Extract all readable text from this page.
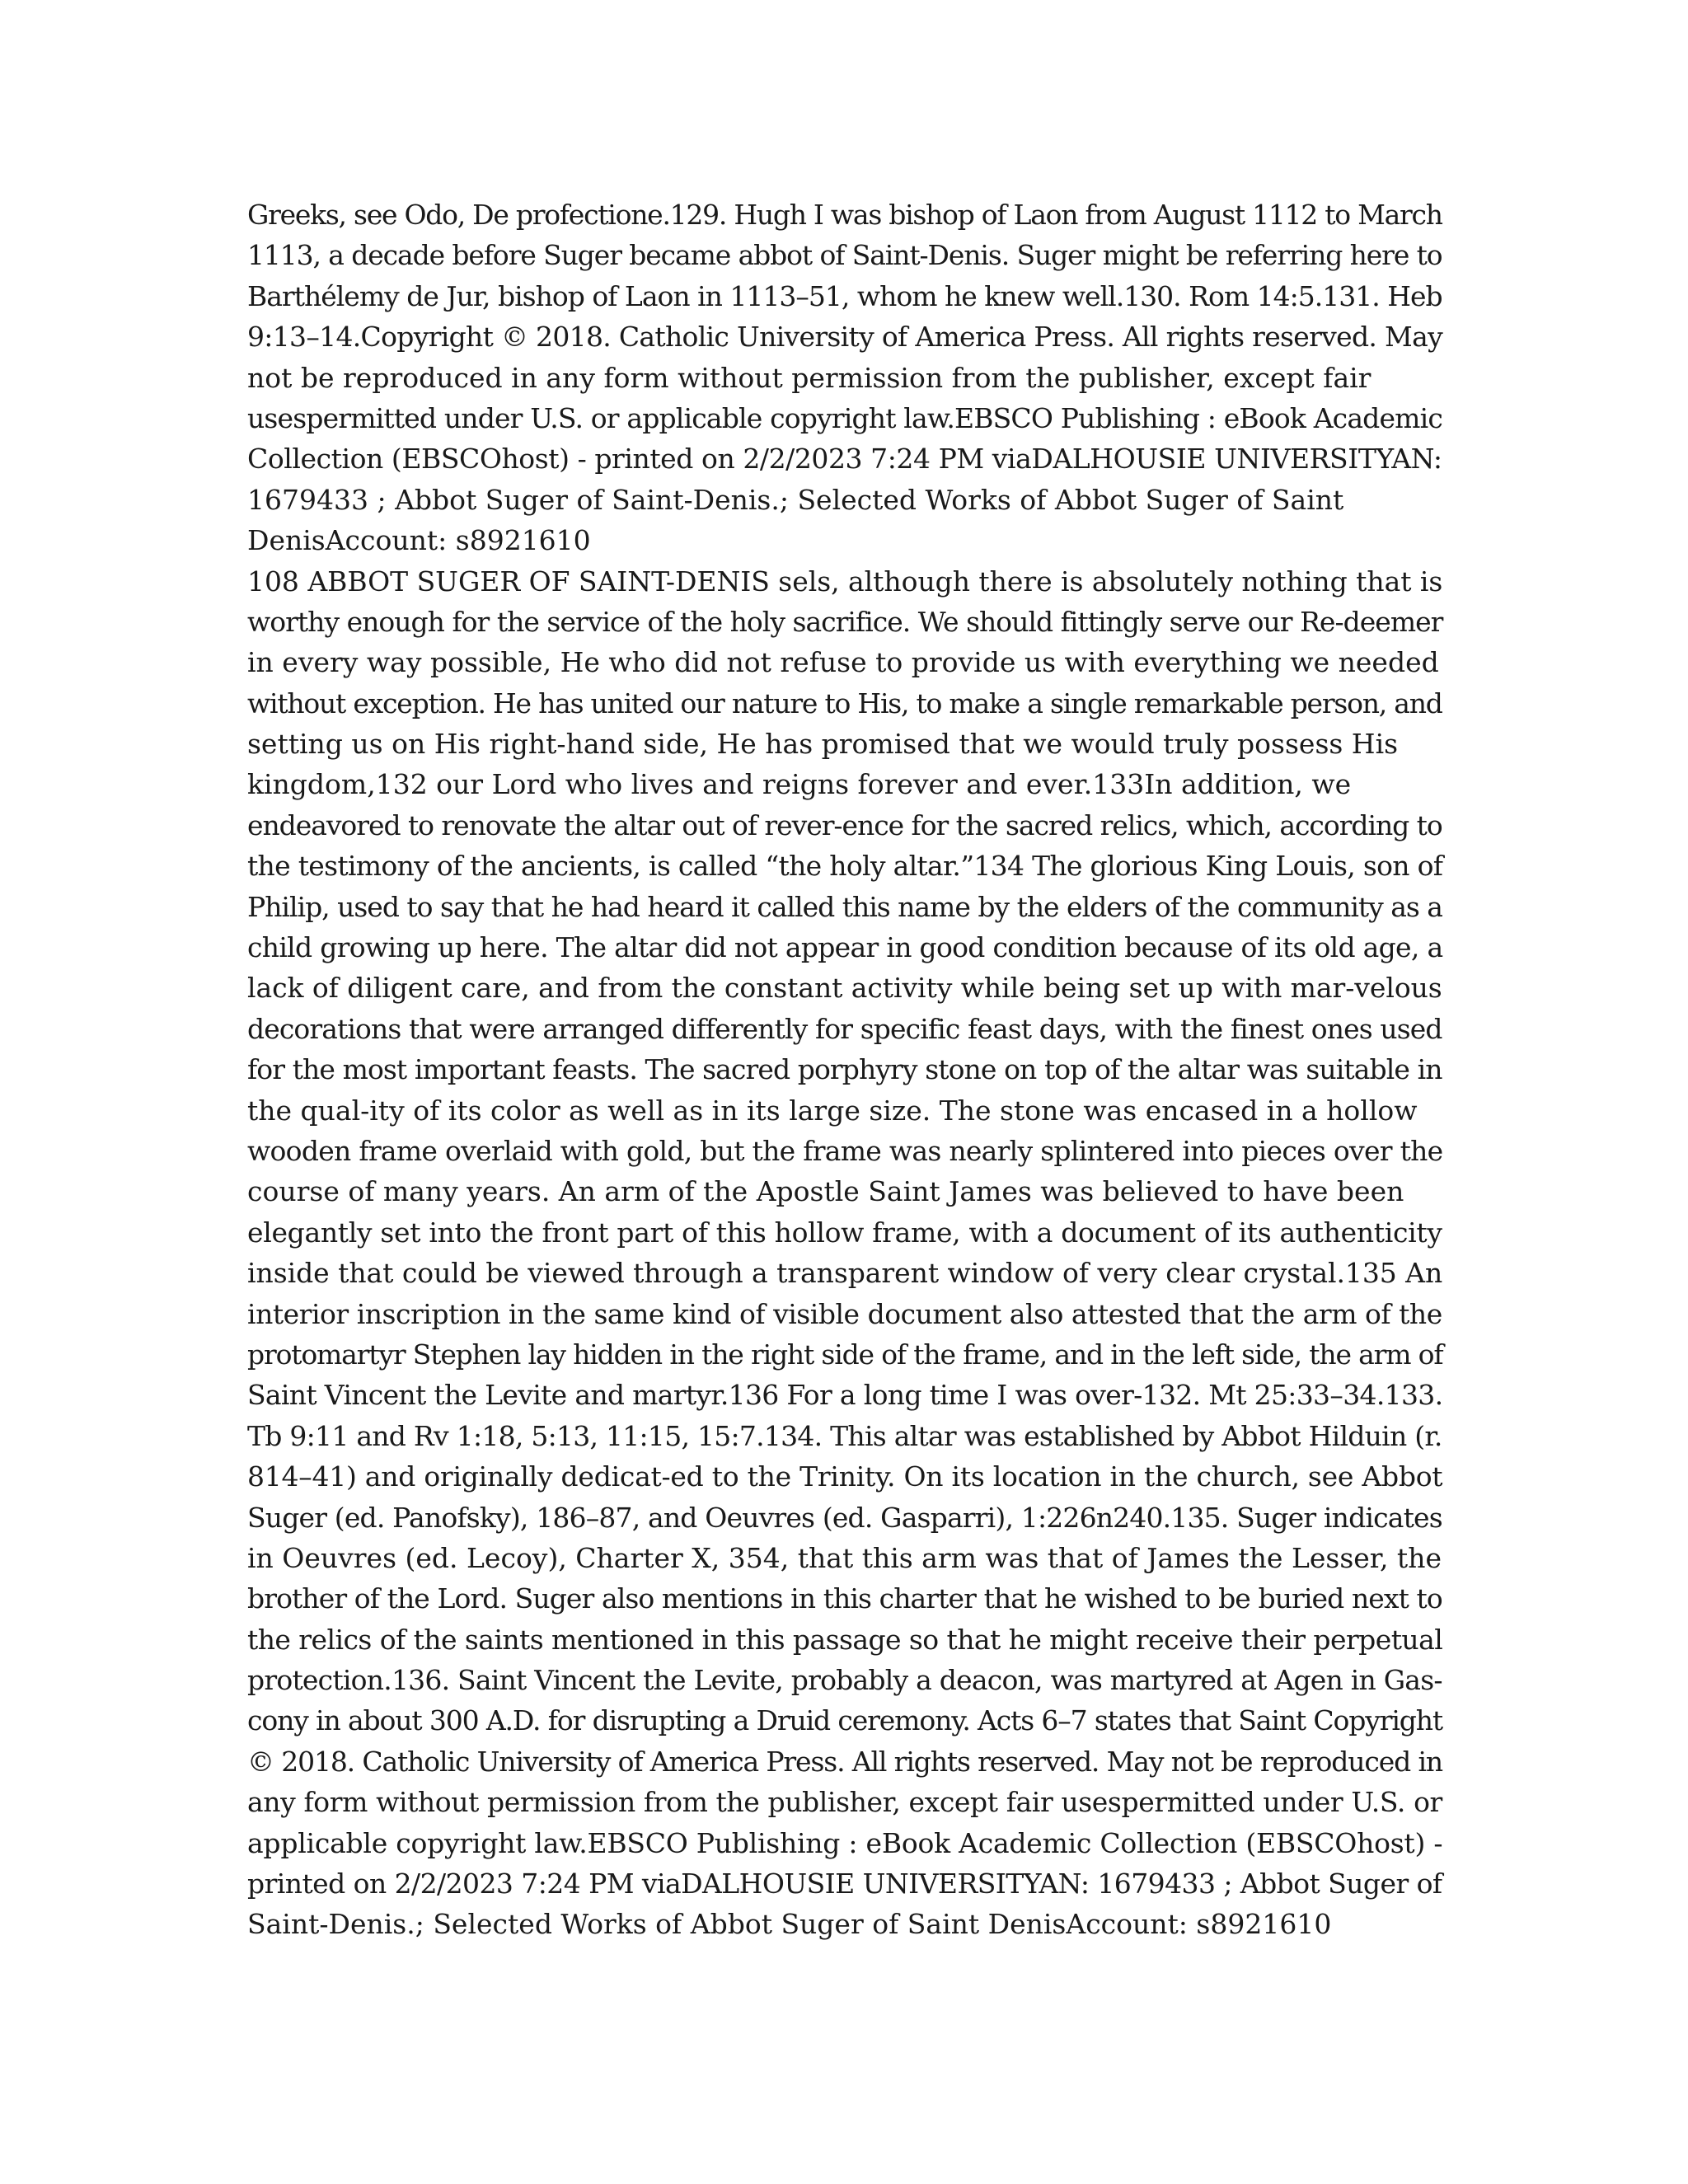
Greeks, see Odo, De profectione.129. Hugh I was bishop of Laon from August 1112 to March
1113, a decade before Suger became abbot of Saint-Denis. Suger might be referring here to
Barthélemy de Jur, bishop of Laon in 1113–51, whom he knew well.130. Rom 14:5.131. Heb
9:13–14.Copyright © 2018. Catholic University of America Press. All rights reserved. May
not be reproduced in any form without permission from the publisher, except fair
usespermitted under U.S. or applicable copyright law.EBSCO Publishing : eBook Academic
Collection (EBSCOhost) - printed on 2/2/2023 7:24 PM viaDALHOUSIE UNIVERSITYAN:
1679433 ; Abbot Suger of Saint-Denis.; Selected Works of Abbot Suger of Saint
DenisAccount: s8921610
108 ABBOT SUGER OF SAINT-DENIS sels, although there is absolutely nothing that is
worthy enough for the service of the holy sacrifice. We should fittingly serve our Re-deemer
in every way possible, He who did not refuse to provide us with everything we needed
without exception. He has united our nature to His, to make a single remarkable person, and
setting us on His right-hand side, He has promised that we would truly possess His
kingdom,132 our Lord who lives and reigns forever and ever.133In addition, we
endeavored to renovate the altar out of rever-ence for the sacred relics, which, according to
the testimony of the ancients, is called “the holy altar.”134 The glorious King Louis, son of
Philip, used to say that he had heard it called this name by the elders of the community as a
child growing up here. The altar did not appear in good condition because of its old age, a
lack of diligent care, and from the constant activity while being set up with mar-velous
decorations that were arranged differently for specific feast days, with the finest ones used
for the most important feasts. The sacred porphyry stone on top of the altar was suitable in
the qual-ity of its color as well as in its large size. The stone was encased in a hollow
wooden frame overlaid with gold, but the frame was nearly splintered into pieces over the
course of many years. An arm of the Apostle Saint James was believed to have been
elegantly set into the front part of this hollow frame, with a document of its authenticity
inside that could be viewed through a transparent window of very clear crystal.135 An
interior inscription in the same kind of visible document also attested that the arm of the
protomartyr Stephen lay hidden in the right side of the frame, and in the left side, the arm of
Saint Vincent the Levite and martyr.136 For a long time I was over-132. Mt 25:33–34.133.
Tb 9:11 and Rv 1:18, 5:13, 11:15, 15:7.134. This altar was established by Abbot Hilduin (r.
814–41) and originally dedicat-ed to the Trinity. On its location in the church, see Abbot
Suger (ed. Panofsky), 186–87, and Oeuvres (ed. Gasparri), 1:226n240.135. Suger indicates
in Oeuvres (ed. Lecoy), Charter X, 354, that this arm was that of James the Lesser, the
brother of the Lord. Suger also mentions in this charter that he wished to be buried next to
the relics of the saints mentioned in this passage so that he might receive their perpetual
protection.136. Saint Vincent the Levite, probably a deacon, was martyred at Agen in Gas-
cony in about 300 A.D. for disrupting a Druid ceremony. Acts 6–7 states that Saint Copyright
© 2018. Catholic University of America Press. All rights reserved. May not be reproduced in
any form without permission from the publisher, except fair usespermitted under U.S. or
applicable copyright law.EBSCO Publishing : eBook Academic Collection (EBSCOhost) -
printed on 2/2/2023 7:24 PM viaDALHOUSIE UNIVERSITYAN: 1679433 ; Abbot Suger of
Saint-Denis.; Selected Works of Abbot Suger of Saint DenisAccount: s8921610
